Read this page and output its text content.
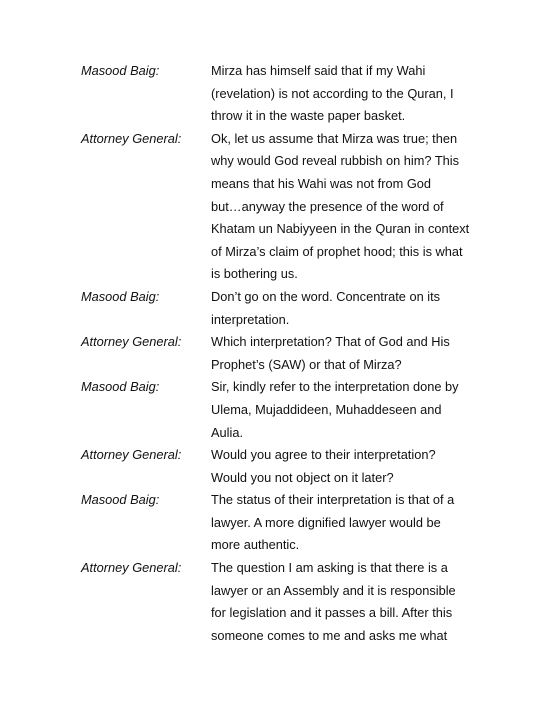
Masood Baig:	Mirza has himself said that if my Wahi
(revelation) is not according to the Quran, I
throw it in the waste paper basket.
Attorney General:	Ok, let us assume that Mirza was true; then
why would God reveal rubbish on him? This
means that his Wahi was not from God
but…anyway the presence of the word of
Khatam un Nabiyyeen in the Quran in context
of Mirza’s claim of prophet hood; this is what
is bothering us.
Masood Baig:	Don’t go on the word. Concentrate on its
interpretation.
Attorney General:	Which interpretation? That of God and His
Prophet’s (SAW) or that of Mirza?
Masood Baig:	Sir, kindly refer to the interpretation done by
Ulema, Mujaddideen, Muhaddeseen and
Aulia.
Attorney General:	Would you agree to their interpretation?
Would you not object on it later?
Masood Baig:	The status of their interpretation is that of a
lawyer. A more dignified lawyer would be
more authentic.
Attorney General:	The question I am asking is that there is a
lawyer or an Assembly and it is responsible
for legislation and it passes a bill. After this
someone comes to me and asks me what
